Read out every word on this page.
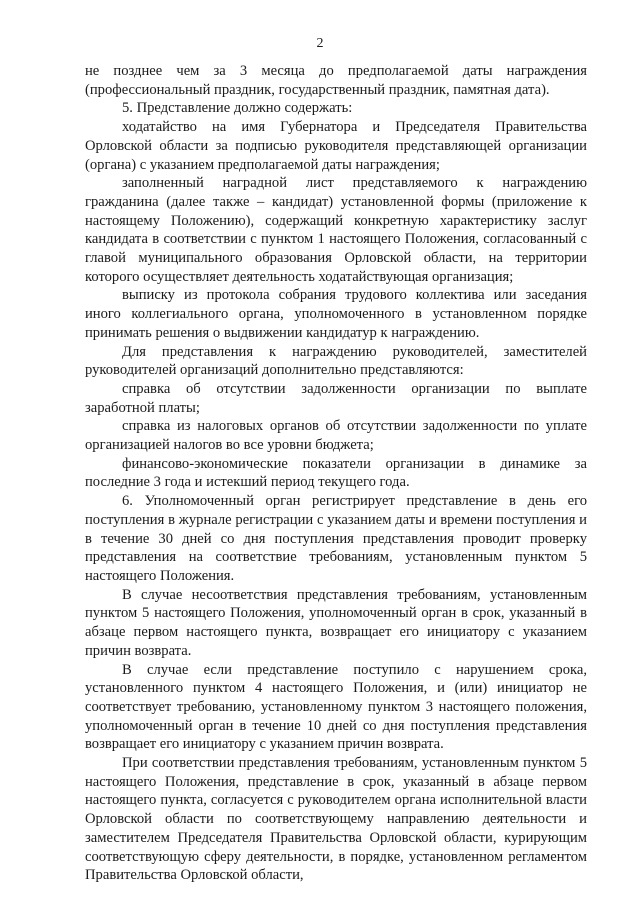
2

не позднее чем за 3 месяца до предполагаемой даты награждения (профессиональный праздник, государственный праздник, памятная дата).

5. Представление должно содержать:

ходатайство на имя Губернатора и Председателя Правительства Орловской области за подписью руководителя представляющей организации (органа) с указанием предполагаемой даты награждения;

заполненный наградной лист представляемого к награждению гражданина (далее также – кандидат) установленной формы (приложение к настоящему Положению), содержащий конкретную характеристику заслуг кандидата в соответствии с пунктом 1 настоящего Положения, согласованный с главой муниципального образования Орловской области, на территории которого осуществляет деятельность ходатайствующая организация;

выписку из протокола собрания трудового коллектива или заседания иного коллегиального органа, уполномоченного в установленном порядке принимать решения о выдвижении кандидатур к награждению.

Для представления к награждению руководителей, заместителей руководителей организаций дополнительно представляются:

справка об отсутствии задолженности организации по выплате заработной платы;

справка из налоговых органов об отсутствии задолженности по уплате организацией налогов во все уровни бюджета;

финансово-экономические показатели организации в динамике за последние 3 года и истекший период текущего года.

6. Уполномоченный орган регистрирует представление в день его поступления в журнале регистрации с указанием даты и времени поступления и в течение 30 дней со дня поступления представления проводит проверку представления на соответствие требованиям, установленным пунктом 5 настоящего Положения.

В случае несоответствия представления требованиям, установленным пунктом 5 настоящего Положения, уполномоченный орган в срок, указанный в абзаце первом настоящего пункта, возвращает его инициатору с указанием причин возврата.

В случае если представление поступило с нарушением срока, установленного пунктом 4 настоящего Положения, и (или) инициатор не соответствует требованию, установленному пунктом 3 настоящего положения, уполномоченный орган в течение 10 дней со дня поступления представления возвращает его инициатору с указанием причин возврата.

При соответствии представления требованиям, установленным пунктом 5 настоящего Положения, представление в срок, указанный в абзаце первом настоящего пункта, согласуется с руководителем органа исполнительной власти Орловской области по соответствующему направлению деятельности и заместителем Председателя Правительства Орловской области, курирующим соответствующую сферу деятельности, в порядке, установленном регламентом Правительства Орловской области,
